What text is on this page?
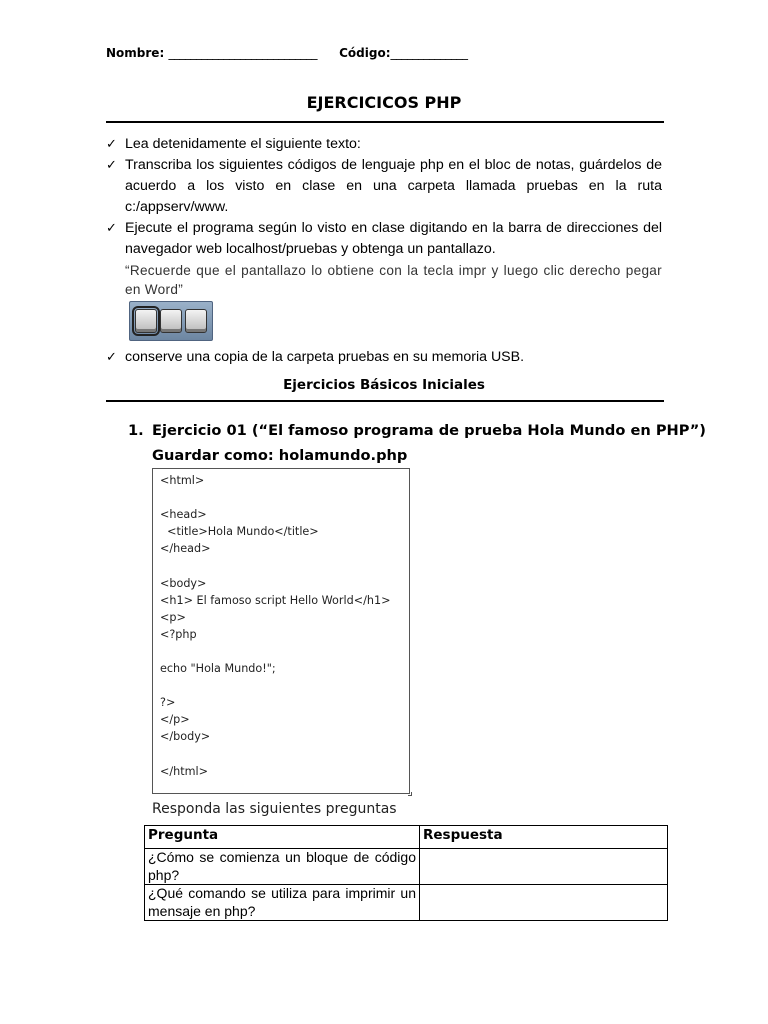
Nombre: ___________________________ Código:______________
EJERCICICOS PHP
✓ Lea detenidamente el siguiente texto:
✓ Transcriba los siguientes códigos de lenguaje php en el bloc de notas, guárdelos de acuerdo a los visto en clase en una carpeta llamada pruebas en la ruta c:/appserv/www.
✓ Ejecute el programa según lo visto en clase digitando en la barra de direcciones del navegador web localhost/pruebas y obtenga un pantallazo.
“Recuerde que el pantallazo lo obtiene con la tecla impr y luego clic derecho pegar en Word”
✓ conserve una copia de la carpeta pruebas en su memoria USB.
Ejercicios Básicos Iniciales
1. Ejercicio 01 (“El famoso programa de prueba Hola Mundo en PHP”)
Guardar como: holamundo.php
<html>

<head>
<title>Hola Mundo</title>
</head>

<body>
<h1> El famoso script Hello World</h1>
<p>
<?php

echo "Hola Mundo!";

?>
</p>
</body>

</html>
Responda las siguientes preguntas
Pregunta	Respuesta
¿Cómo se comienza un bloque de código php?	
¿Qué comando se utiliza para imprimir un mensaje en php?	
